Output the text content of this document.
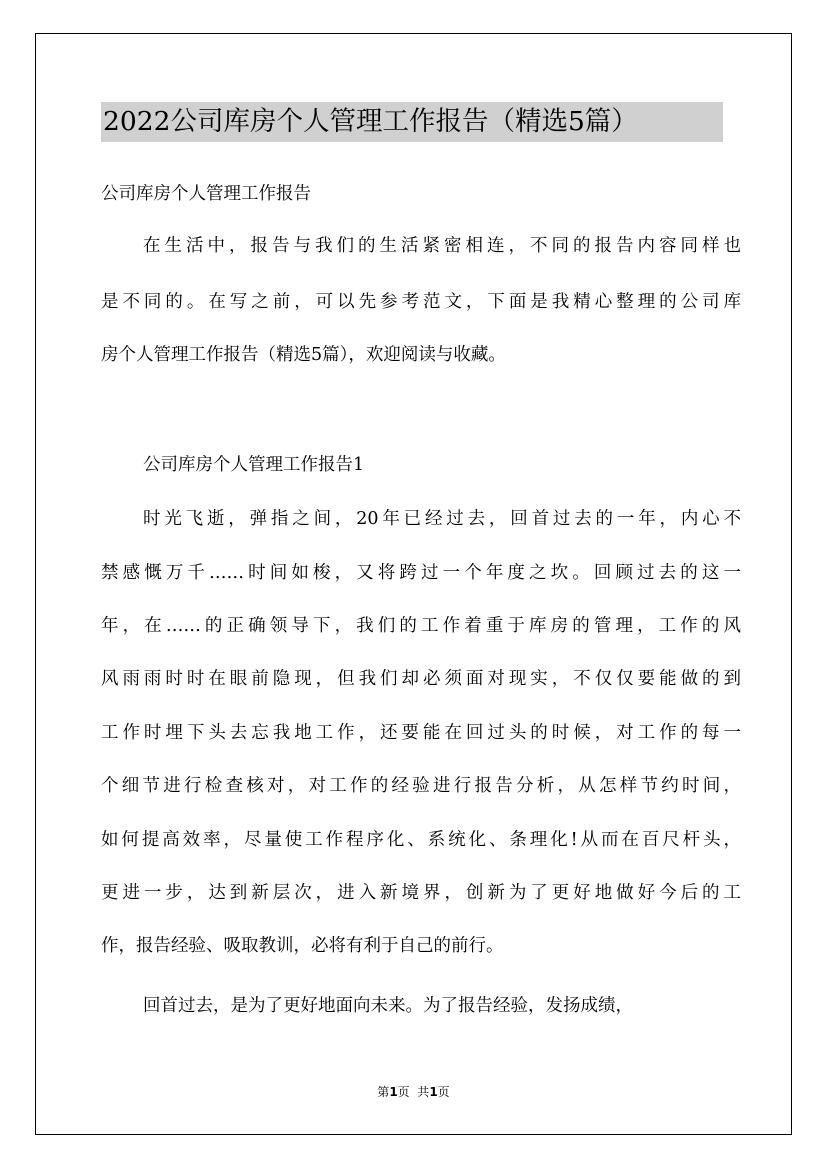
2022公司库房个人管理工作报告（精选5篇）
公司库房个人管理工作报告
在生活中，报告与我们的生活紧密相连，不同的报告内容同样也
是不同的。在写之前，可以先参考范文，下面是我精心整理的公司库
房个人管理工作报告（精选5篇），欢迎阅读与收藏。
公司库房个人管理工作报告1
时光飞逝，弹指之间，20年已经过去，回首过去的一年，内心不
禁感慨万千……时间如梭，又将跨过一个年度之坎。回顾过去的这一
年，在……的正确领导下，我们的工作着重于库房的管理，工作的风
风雨雨时时在眼前隐现，但我们却必须面对现实，不仅仅要能做的到
工作时埋下头去忘我地工作，还要能在回过头的时候，对工作的每一
个细节进行检查核对，对工作的经验进行报告分析，从怎样节约时间，
如何提高效率，尽量使工作程序化、系统化、条理化!从而在百尺杆头，
更进一步，达到新层次，进入新境界，创新为了更好地做好今后的工
作，报告经验、吸取教训，必将有利于自己的前行。
回首过去，是为了更好地面向未来。为了报告经验，发扬成绩，
第1页  共1页
